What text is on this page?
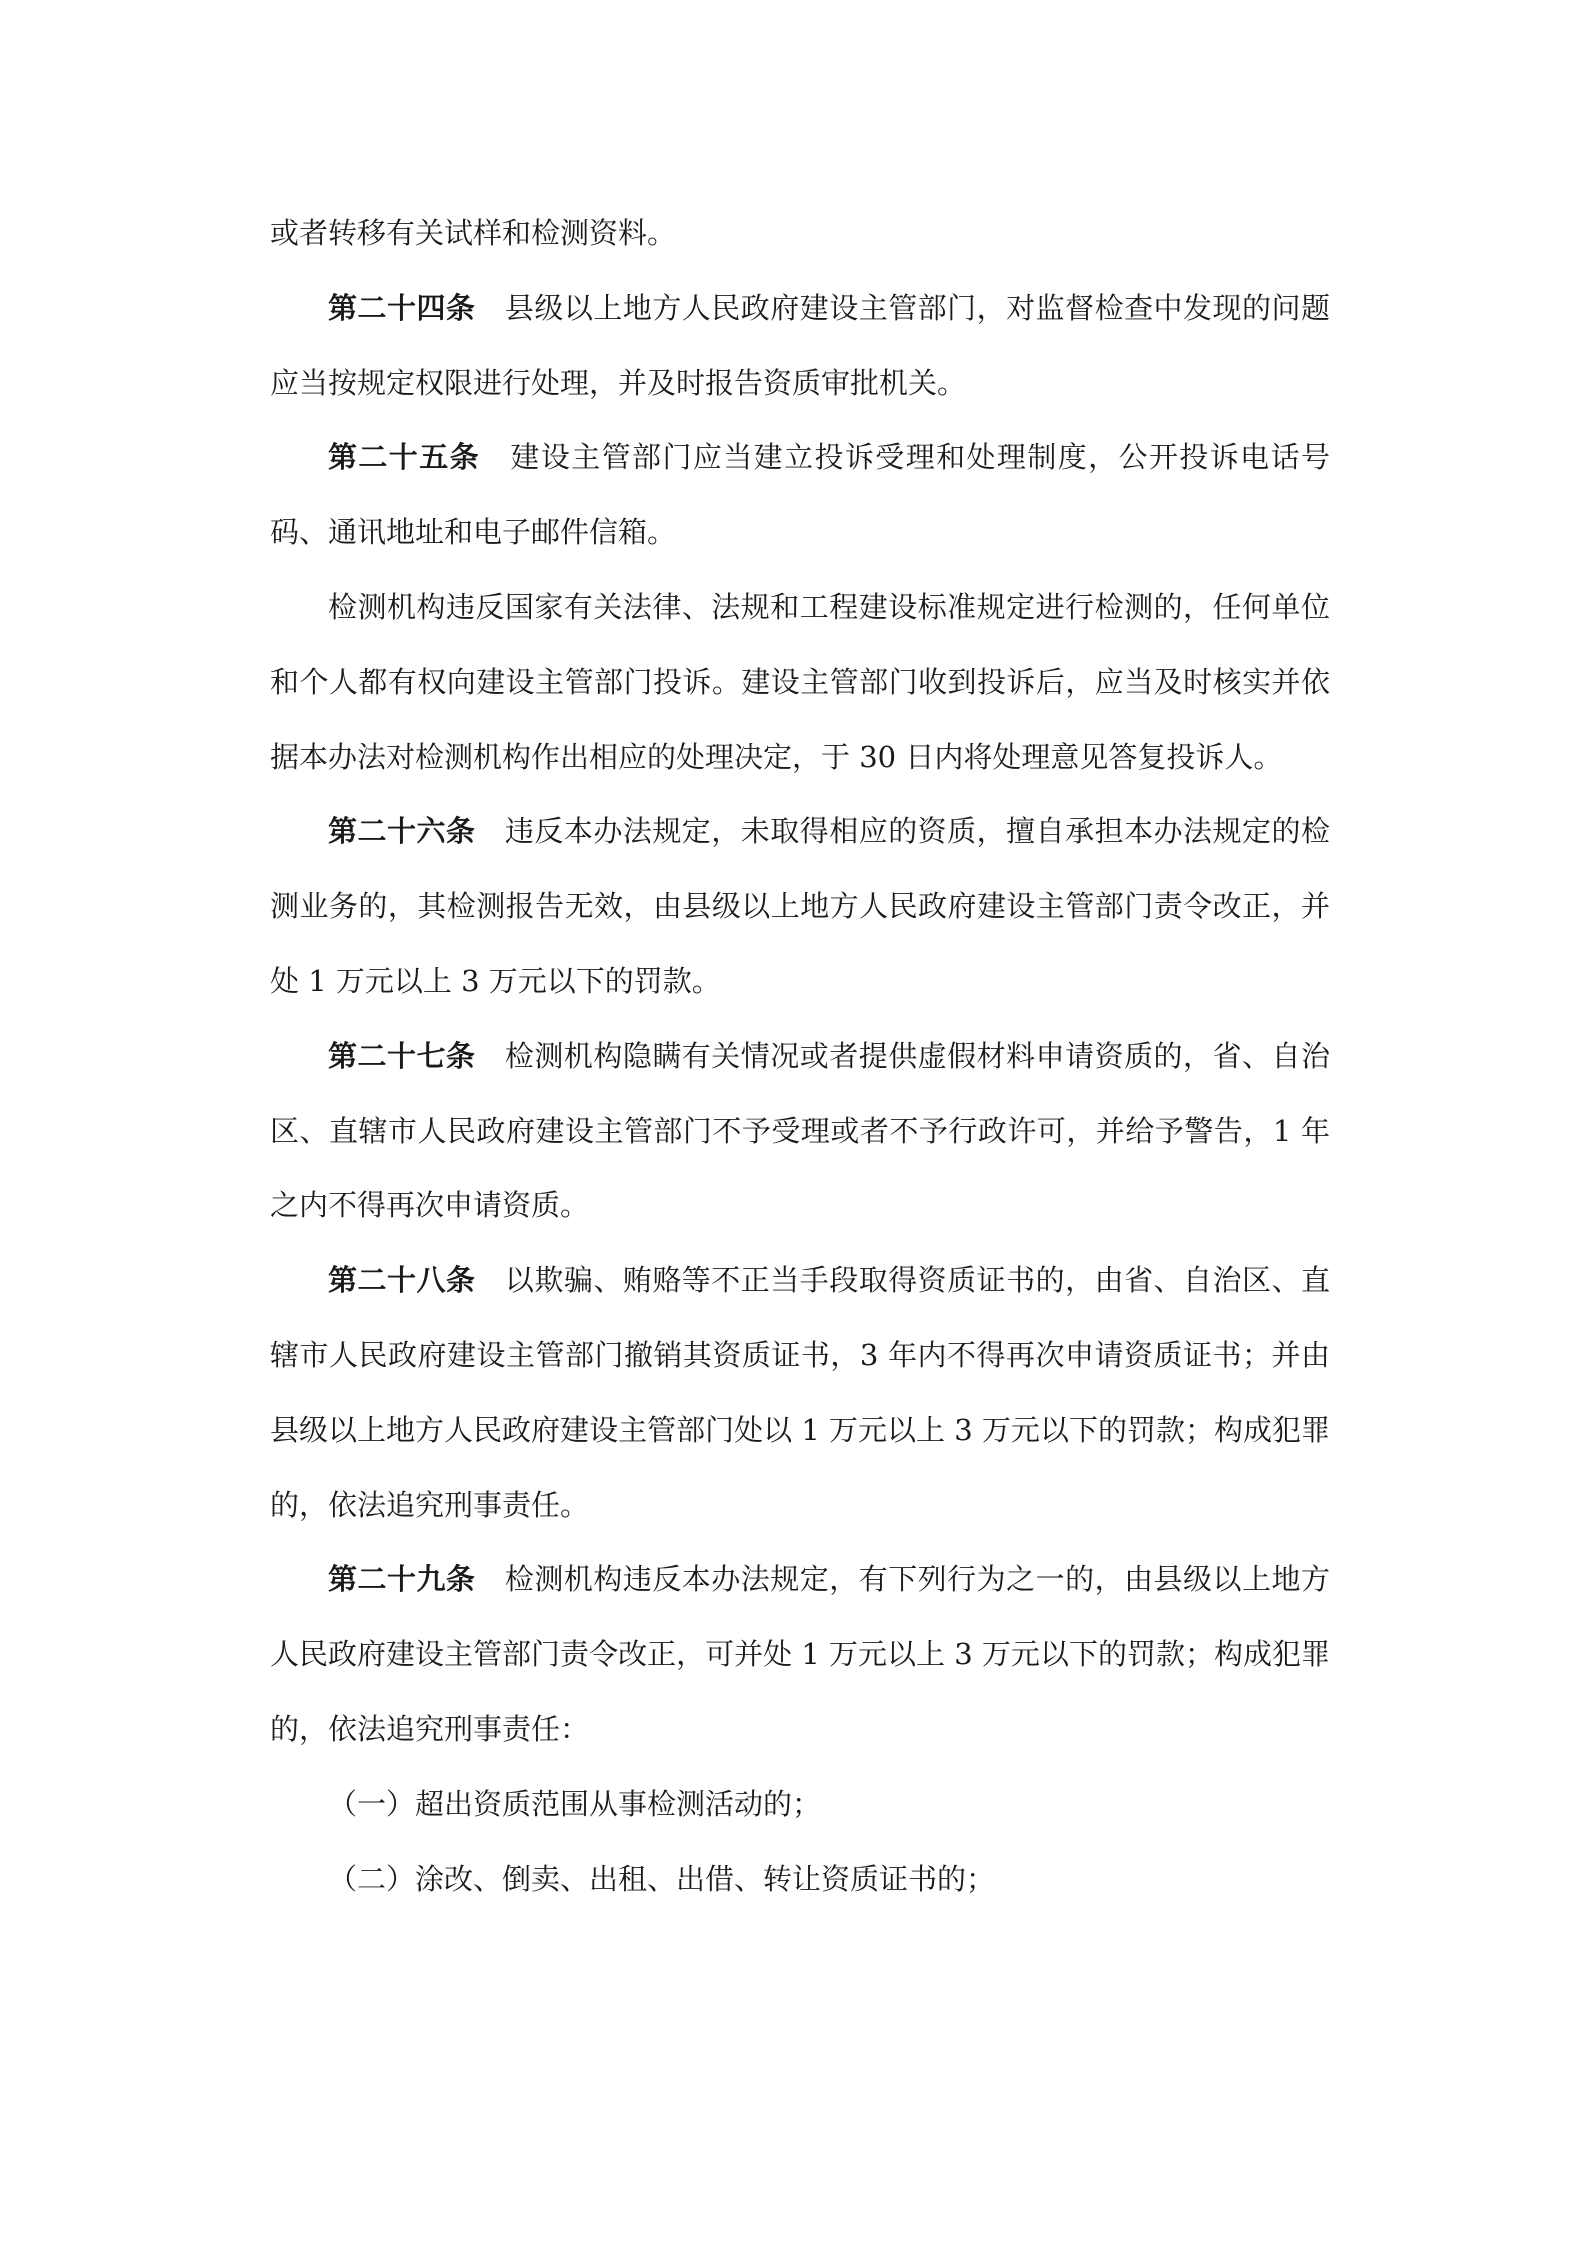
或者转移有关试样和检测资料。

第二十四条 县级以上地方人民政府建设主管部门，对监督检查中发现的问题应当按规定权限进行处理，并及时报告资质审批机关。

第二十五条 建设主管部门应当建立投诉受理和处理制度，公开投诉电话号码、通讯地址和电子邮件信箱。

检测机构违反国家有关法律、法规和工程建设标准规定进行检测的，任何单位和个人都有权向建设主管部门投诉。建设主管部门收到投诉后，应当及时核实并依据本办法对检测机构作出相应的处理决定，于 30 日内将处理意见答复投诉人。

第二十六条 违反本办法规定，未取得相应的资质，擅自承担本办法规定的检测业务的，其检测报告无效，由县级以上地方人民政府建设主管部门责令改正，并处 1 万元以上 3 万元以下的罚款。

第二十七条 检测机构隐瞒有关情况或者提供虚假材料申请资质的，省、自治区、直辖市人民政府建设主管部门不予受理或者不予行政许可，并给予警告，1 年之内不得再次申请资质。

第二十八条 以欺骗、贿赂等不正当手段取得资质证书的，由省、自治区、直辖市人民政府建设主管部门撤销其资质证书，3 年内不得再次申请资质证书；并由县级以上地方人民政府建设主管部门处以 1 万元以上 3 万元以下的罚款；构成犯罪的，依法追究刑事责任。

第二十九条 检测机构违反本办法规定，有下列行为之一的，由县级以上地方人民政府建设主管部门责令改正，可并处 1 万元以上 3 万元以下的罚款；构成犯罪的，依法追究刑事责任：

（一）超出资质范围从事检测活动的；

（二）涂改、倒卖、出租、出借、转让资质证书的；
